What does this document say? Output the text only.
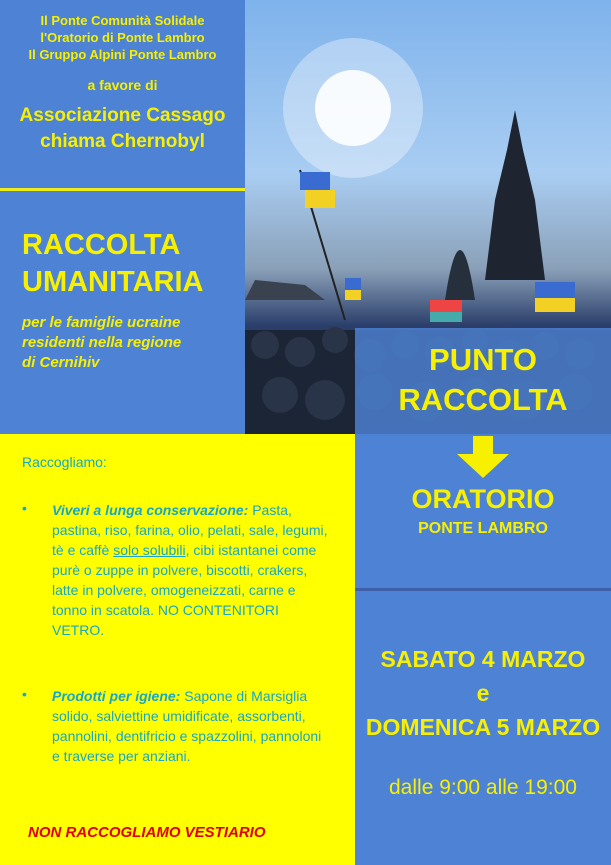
Il Ponte Comunità Solidale
l'Oratorio di Ponte Lambro
Il Gruppo Alpini Ponte Lambro
a favore di
Associazione Cassago
chiama Chernobyl
RACCOLTA
UMANITARIA
per le famiglie ucraine
residenti nella regione
di Cernihiv	PUNTO
RACCOLTA
Raccogliamo:
• Viveri a lunga conservazione: Pasta, pastina, riso, farina, olio, pelati, sale, legumi, tè e caffè solo solubili, cibi istantanei come purè o zuppe in polvere, biscotti, crakers, latte in polvere, omogeneizzati, carne e tonno in scatola. NO CONTENITORI VETRO.
• Prodotti per igiene: Sapone di Marsiglia solido, salviettine umidificate, assorbenti, pannolini, dentifricio e spazzolini, pannoloni e traverse per anziani.
NON RACCOGLIAMO VESTIARIO
ORATORIO
PONTE LAMBRO
SABATO 4 MARZO
e
DOMENICA 5 MARZO
dalle 9:00 alle 19:00
